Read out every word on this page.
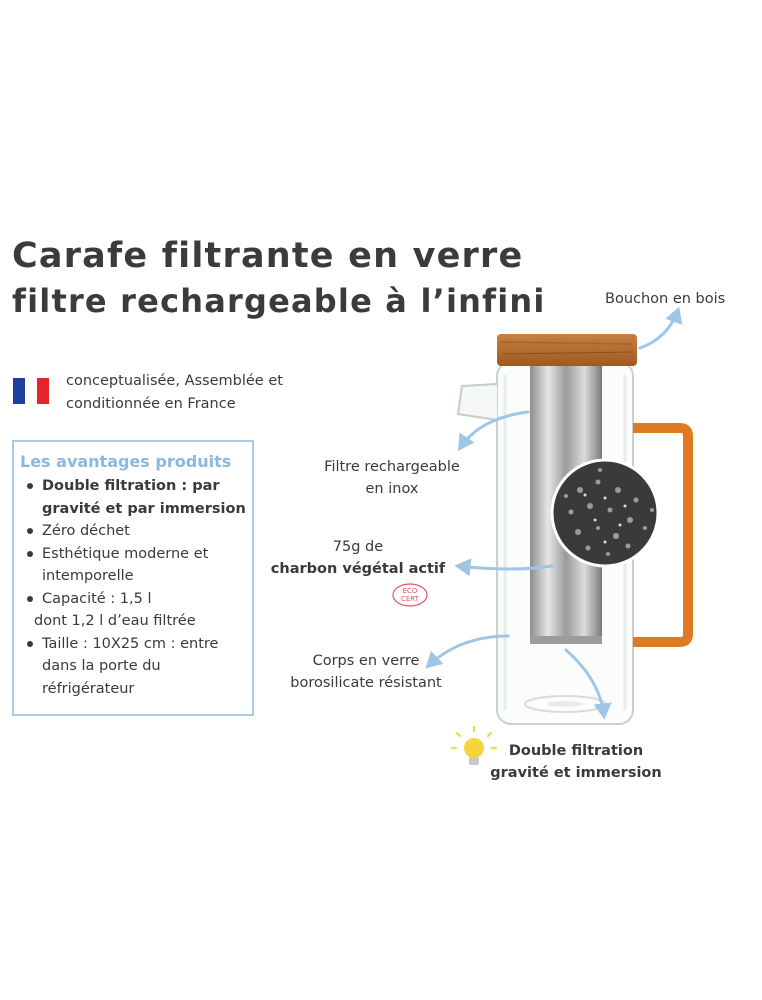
ECO
CERT
Carafe filtrante en verre
filtre rechargeable à l’infini
conceptualisée, Assemblée et
conditionnée en France
Les avantages produits
Double filtration : par
gravité et par immersion
Zéro déchet
Esthétique moderne et
intemporelle
Capacité : 1,5 l
dont 1,2 l d’eau filtrée
Taille : 10X25 cm : entre
dans la porte du
réfrigérateur
Bouchon en bois
Filtre rechargeable
en inox
75g de
charbon végétal actif
Corps en verre
borosilicate résistant
Double filtration
gravité et immersion
